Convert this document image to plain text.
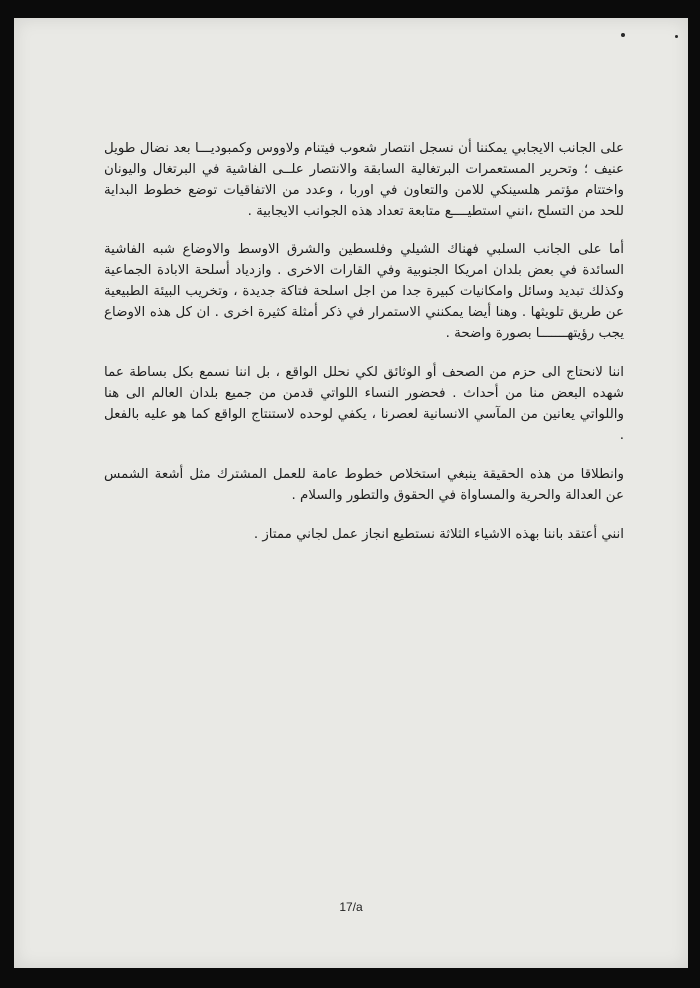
على الجانب الايجابي يمكننا أن نسجل انتصار شعوب فيتنام ولاووس وكمبوديـــا بعد نضال طويل عنيف ؛ وتحرير المستعمرات البرتغالية السابقة والانتصار علــى الفاشية في البرتغال واليونان واختتام مؤتمر هلسينكي للامن والتعاون في اوربا ، وعدد من الاتفاقيات توضع خطوط البداية للحد من التسلح ،انني استطيــــع متابعة تعداد هذه الجوانب الايجابية .

أما على الجانب السلبي فهناك الشيلي وفلسطين والشرق الاوسط والاوضاع شبه الفاشية السائدة في بعض بلدان امريكا الجنوبية وفي القارات الاخرى . وازدياد أسلحة الابادة الجماعية وكذلك تبديد وسائل وامكانيات كبيرة جدا من اجل اسلحة فتاكة جديدة ، وتخريب البيئة الطبيعية عن طريق تلويثها . وهنا أيضا يمكنني الاستمرار في ذكر أمثلة كثيرة اخرى . ان كل هذه الاوضاع يجب رؤيتهـــــــا بصورة واضحة .

اننا لانحتاج الى حزم من الصحف أو الوثائق لكي نحلل الواقع ، بل اننا نسمع بكل بساطة عما شهده البعض منا من أحداث . فحضور النساء اللواتي قدمن من جميع بلدان العالم الى هنا واللواتي يعانين من المآسي الانسانية لعصرنا ، يكفي لوحده لاستنتاج الواقع كما هو عليه بالفعل .

وانطلاقا من هذه الحقيقة ينبغي استخلاص خطوط عامة للعمل المشترك مثل أشعة الشمس عن العدالة والحرية والمساواة في الحقوق والتطور والسلام .

انني أعتقد باننا بهذه الاشياء الثلاثة نستطيع انجاز عمل لجاني ممتاز .

17/a
